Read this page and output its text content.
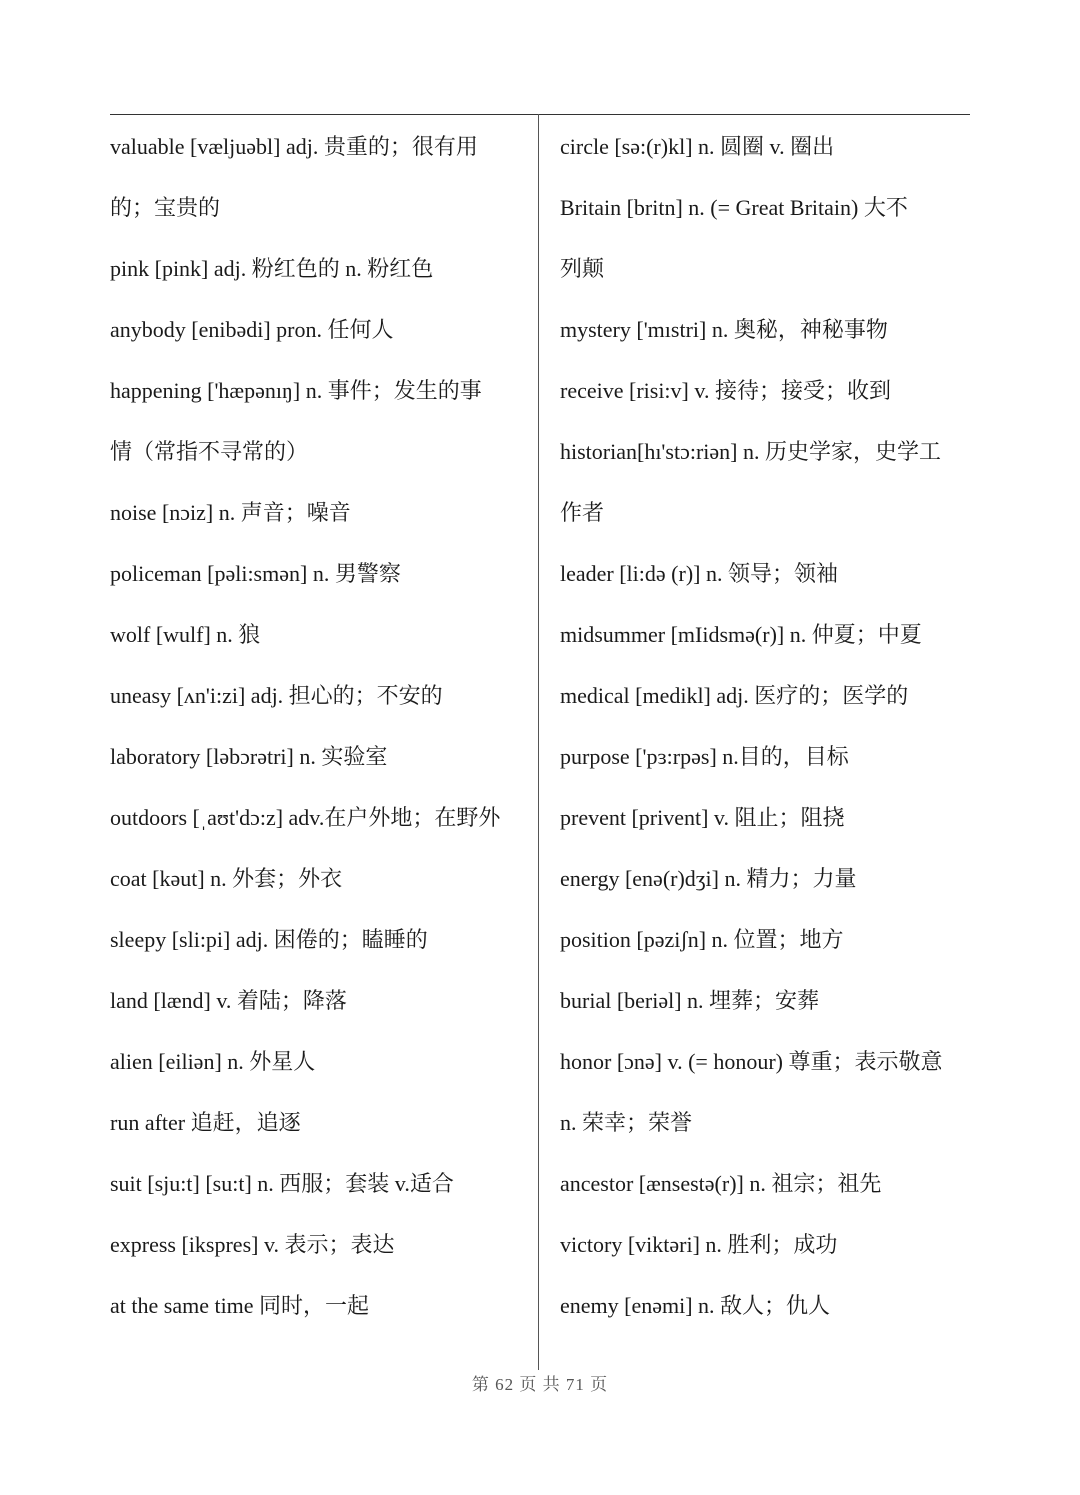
valuable [væljuəbl] adj. 贵重的；很有用
的；宝贵的
pink [pink] adj. 粉红色的 n. 粉红色
anybody [enibədi] pron. 任何人
happening ['hæpənıŋ] n. 事件；发生的事
情（常指不寻常的）
noise [nɔiz] n. 声音；噪音
policeman [pəli:smən] n. 男警察
wolf [wulf] n. 狼
uneasy [ʌn'i:zi] adj. 担心的；不安的
laboratory [ləbɔrətri] n. 实验室
outdoors [ˌaʊt'dɔ:z] adv.在户外地；在野外
coat [kəut] n. 外套；外衣
sleepy [sli:pi] adj. 困倦的；瞌睡的
land [lænd] v. 着陆；降落
alien [eiliən] n. 外星人
run after 追赶，追逐
suit [sju:t] [su:t] n. 西服；套装 v.适合
express [ikspres] v. 表示；表达
at the same time 同时，一起
circle [sə:(r)kl] n. 圆圈 v. 圈出
Britain [britn] n. (= Great Britain) 大不
列颠
mystery ['mıstri] n. 奥秘，神秘事物
receive [risi:v] v. 接待；接受；收到
historian[hı'stɔ:riən] n. 历史学家，史学工
作者
leader [li:də (r)] n. 领导；领袖
midsummer [mIidsmə(r)] n. 仲夏；中夏
medical [medikl] adj. 医疗的；医学的
purpose ['pɜ:rpəs] n.目的，目标
prevent [privent] v. 阻止；阻挠
energy [enə(r)dʒi] n. 精力；力量
position [pəziʃn] n. 位置；地方
burial [beriəl] n. 埋葬；安葬
honor [ɔnə] v. (= honour) 尊重；表示敬意
n. 荣幸；荣誉
ancestor [ænsestə(r)] n. 祖宗；祖先
victory [viktəri] n. 胜利；成功
enemy [enəmi] n. 敌人；仇人
第 62 页 共 71 页
